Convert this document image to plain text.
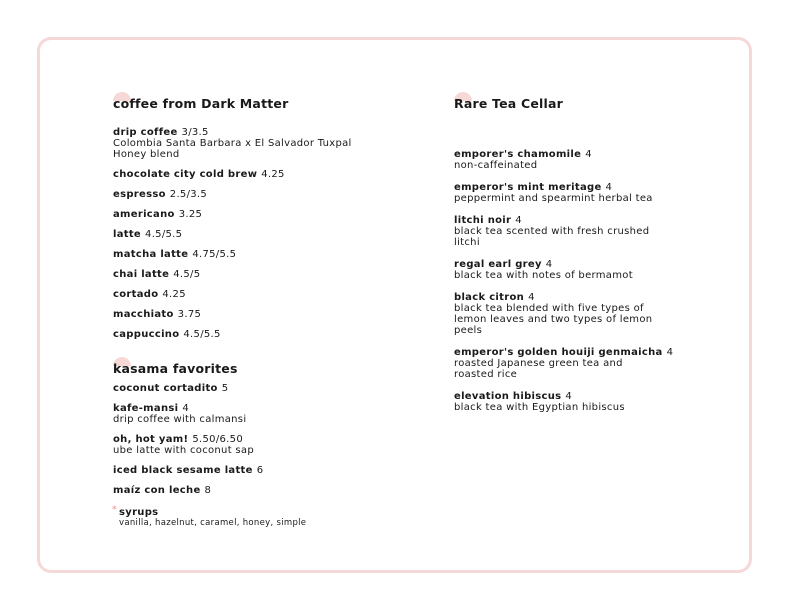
coffee from Dark Matter
drip coffee 3/3.5
Colombia Santa Barbara x El Salvador Tuxpal Honey blend
chocolate city cold brew 4.25
espresso 2.5/3.5
americano 3.25
latte 4.5/5.5
matcha latte 4.75/5.5
chai latte 4.5/5
cortado 4.25
macchiato 3.75
cappuccino 4.5/5.5
kasama favorites
coconut cortadito 5
kafe-mansi 4
drip coffee with calmansi
oh, hot yam! 5.50/6.50
ube latte with coconut sap
iced black sesame latte 6
maíz con leche 8
* syrups
vanilla, hazelnut, caramel, honey, simple
Rare Tea Cellar
emporer's chamomile 4
non-caffeinated
emperor's mint meritage 4
peppermint and spearmint herbal tea
litchi noir 4
black tea scented with fresh crushed litchi
regal earl grey 4
black tea with notes of bermamot
black citron 4
black tea blended with five types of lemon leaves and two types of lemon peels
emperor's golden houiji genmaicha 4
roasted Japanese green tea and roasted rice
elevation hibiscus 4
black tea with Egyptian hibiscus
